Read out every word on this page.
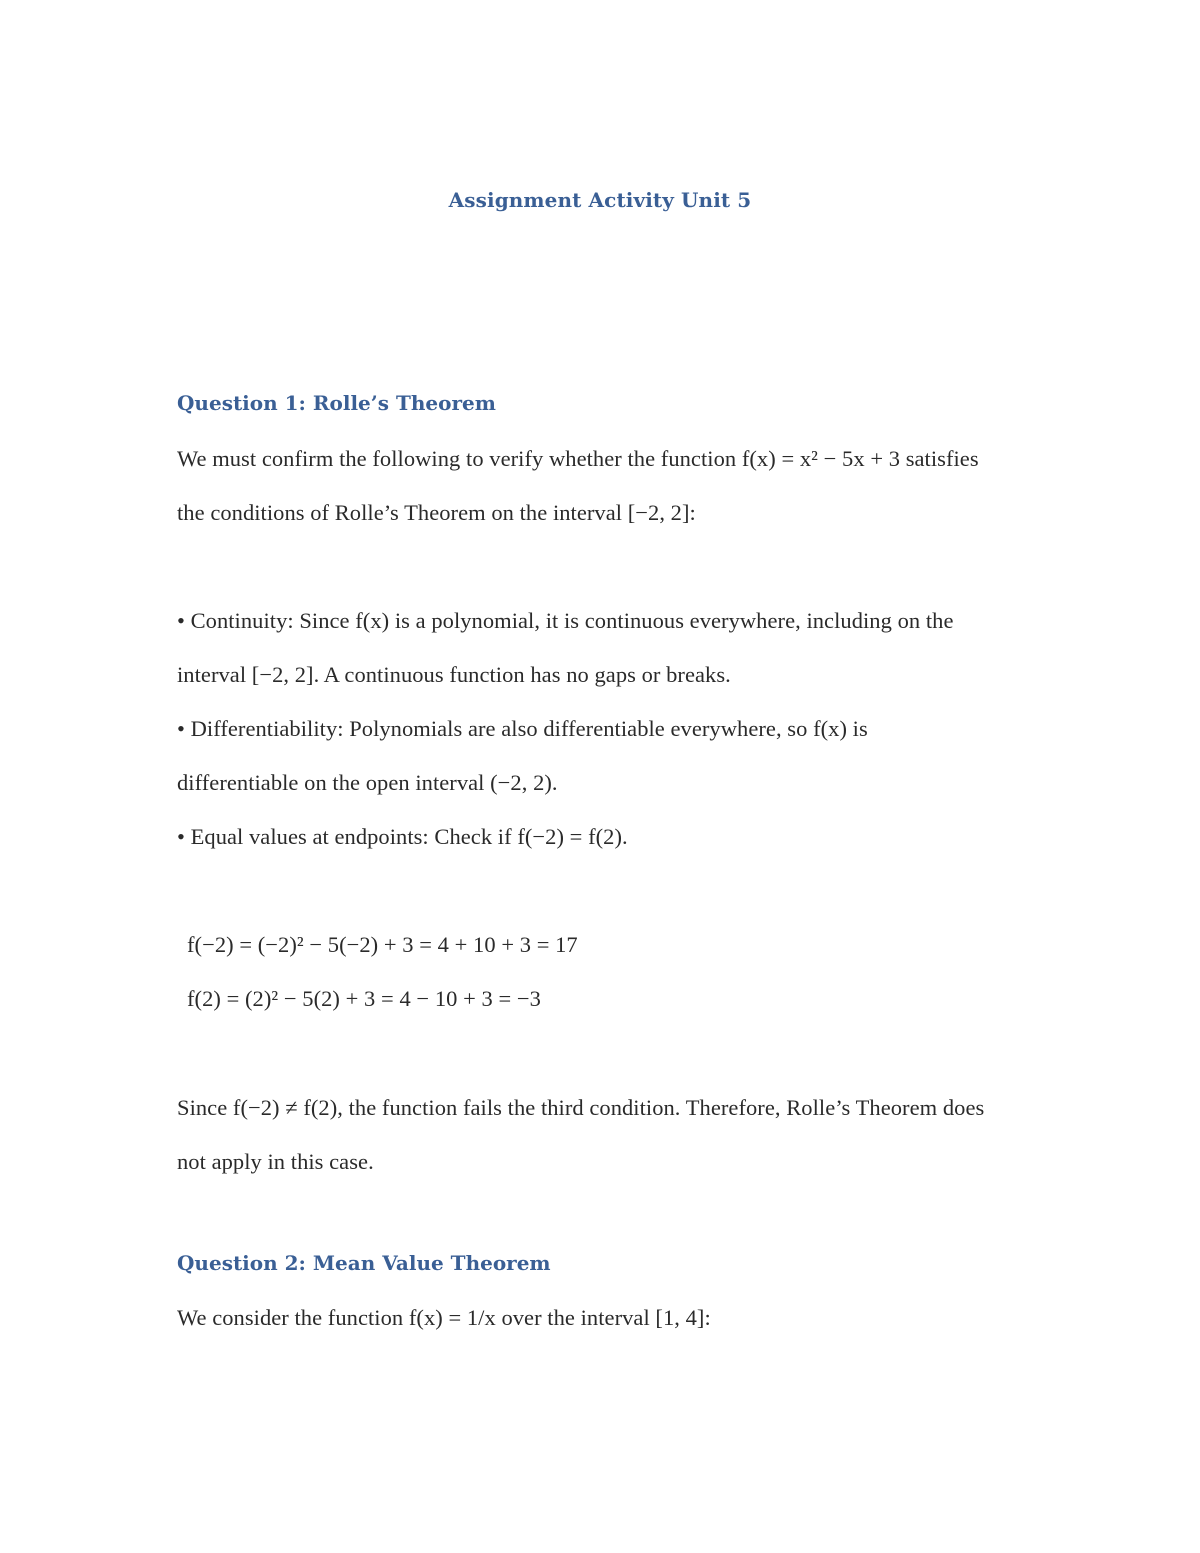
Assignment Activity Unit 5
Question 1: Rolle’s Theorem
We must confirm the following to verify whether the function f(x) = x² − 5x + 3 satisfies
the conditions of Rolle’s Theorem on the interval [−2, 2]:
• Continuity: Since f(x) is a polynomial, it is continuous everywhere, including on the
interval [−2, 2]. A continuous function has no gaps or breaks.
• Differentiability: Polynomials are also differentiable everywhere, so f(x) is
differentiable on the open interval (−2, 2).
• Equal values at endpoints: Check if f(−2) = f(2).
f(−2) = (−2)² − 5(−2) + 3 = 4 + 10 + 3 = 17
f(2) = (2)² − 5(2) + 3 = 4 − 10 + 3 = −3
Since f(−2) ≠ f(2), the function fails the third condition. Therefore, Rolle’s Theorem does
not apply in this case.
Question 2: Mean Value Theorem
We consider the function f(x) = 1/x over the interval [1, 4]:
